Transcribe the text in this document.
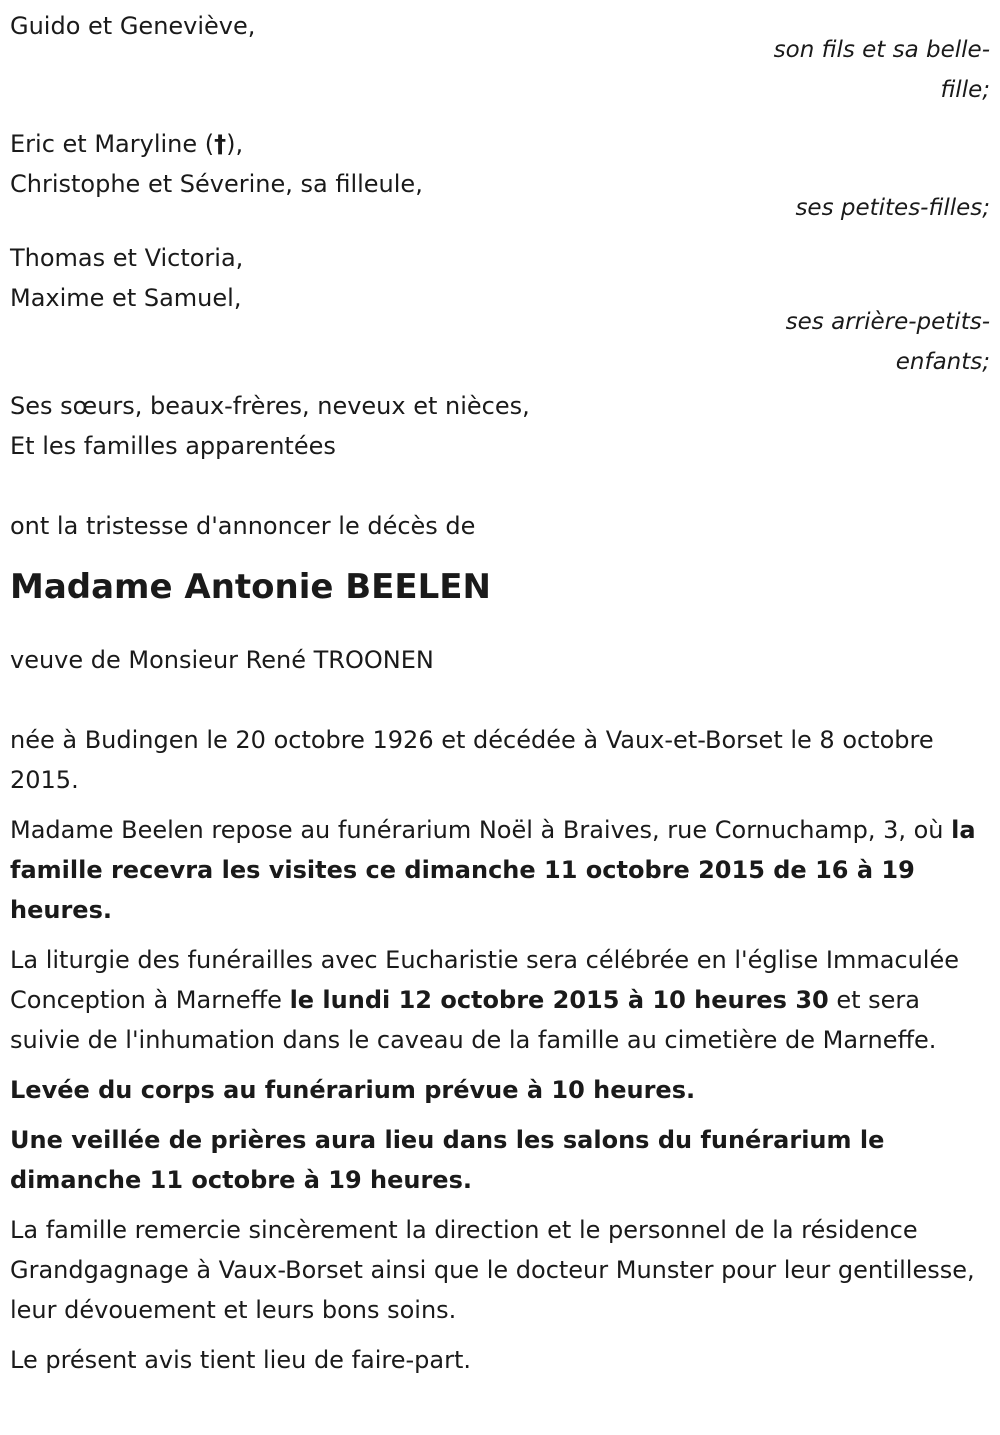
Guido et Geneviève,
son fils et sa belle-
fille;
Eric et Maryline (†),
Christophe et Séverine, sa filleule,
ses petites-filles;
Thomas et Victoria,
Maxime et Samuel,
ses arrière-petits-
enfants;
Ses sœurs, beaux-frères, neveux et nièces,
Et les familles apparentées
ont la tristesse d'annoncer le décès de
Madame Antonie BEELEN
veuve de Monsieur René TROONEN

née à Budingen le 20 octobre 1926 et décédée à Vaux-et-Borset le 8 octobre 2015.

Madame Beelen repose au funérarium Noël à Braives, rue Cornuchamp, 3, où la famille recevra les visites ce dimanche 11 octobre 2015 de 16 à 19 heures.

La liturgie des funérailles avec Eucharistie sera célébrée en l'église Immaculée Conception à Marneffe le lundi 12 octobre 2015 à 10 heures 30 et sera suivie de l'inhumation dans le caveau de la famille au cimetière de Marneffe.

Levée du corps au funérarium prévue à 10 heures.

Une veillée de prières aura lieu dans les salons du funérarium le dimanche 11 octobre à 19 heures.

La famille remercie sincèrement la direction et le personnel de la résidence Grandgagnage à Vaux-Borset ainsi que le docteur Munster pour leur gentillesse, leur dévouement et leurs bons soins.

Le présent avis tient lieu de faire-part.
